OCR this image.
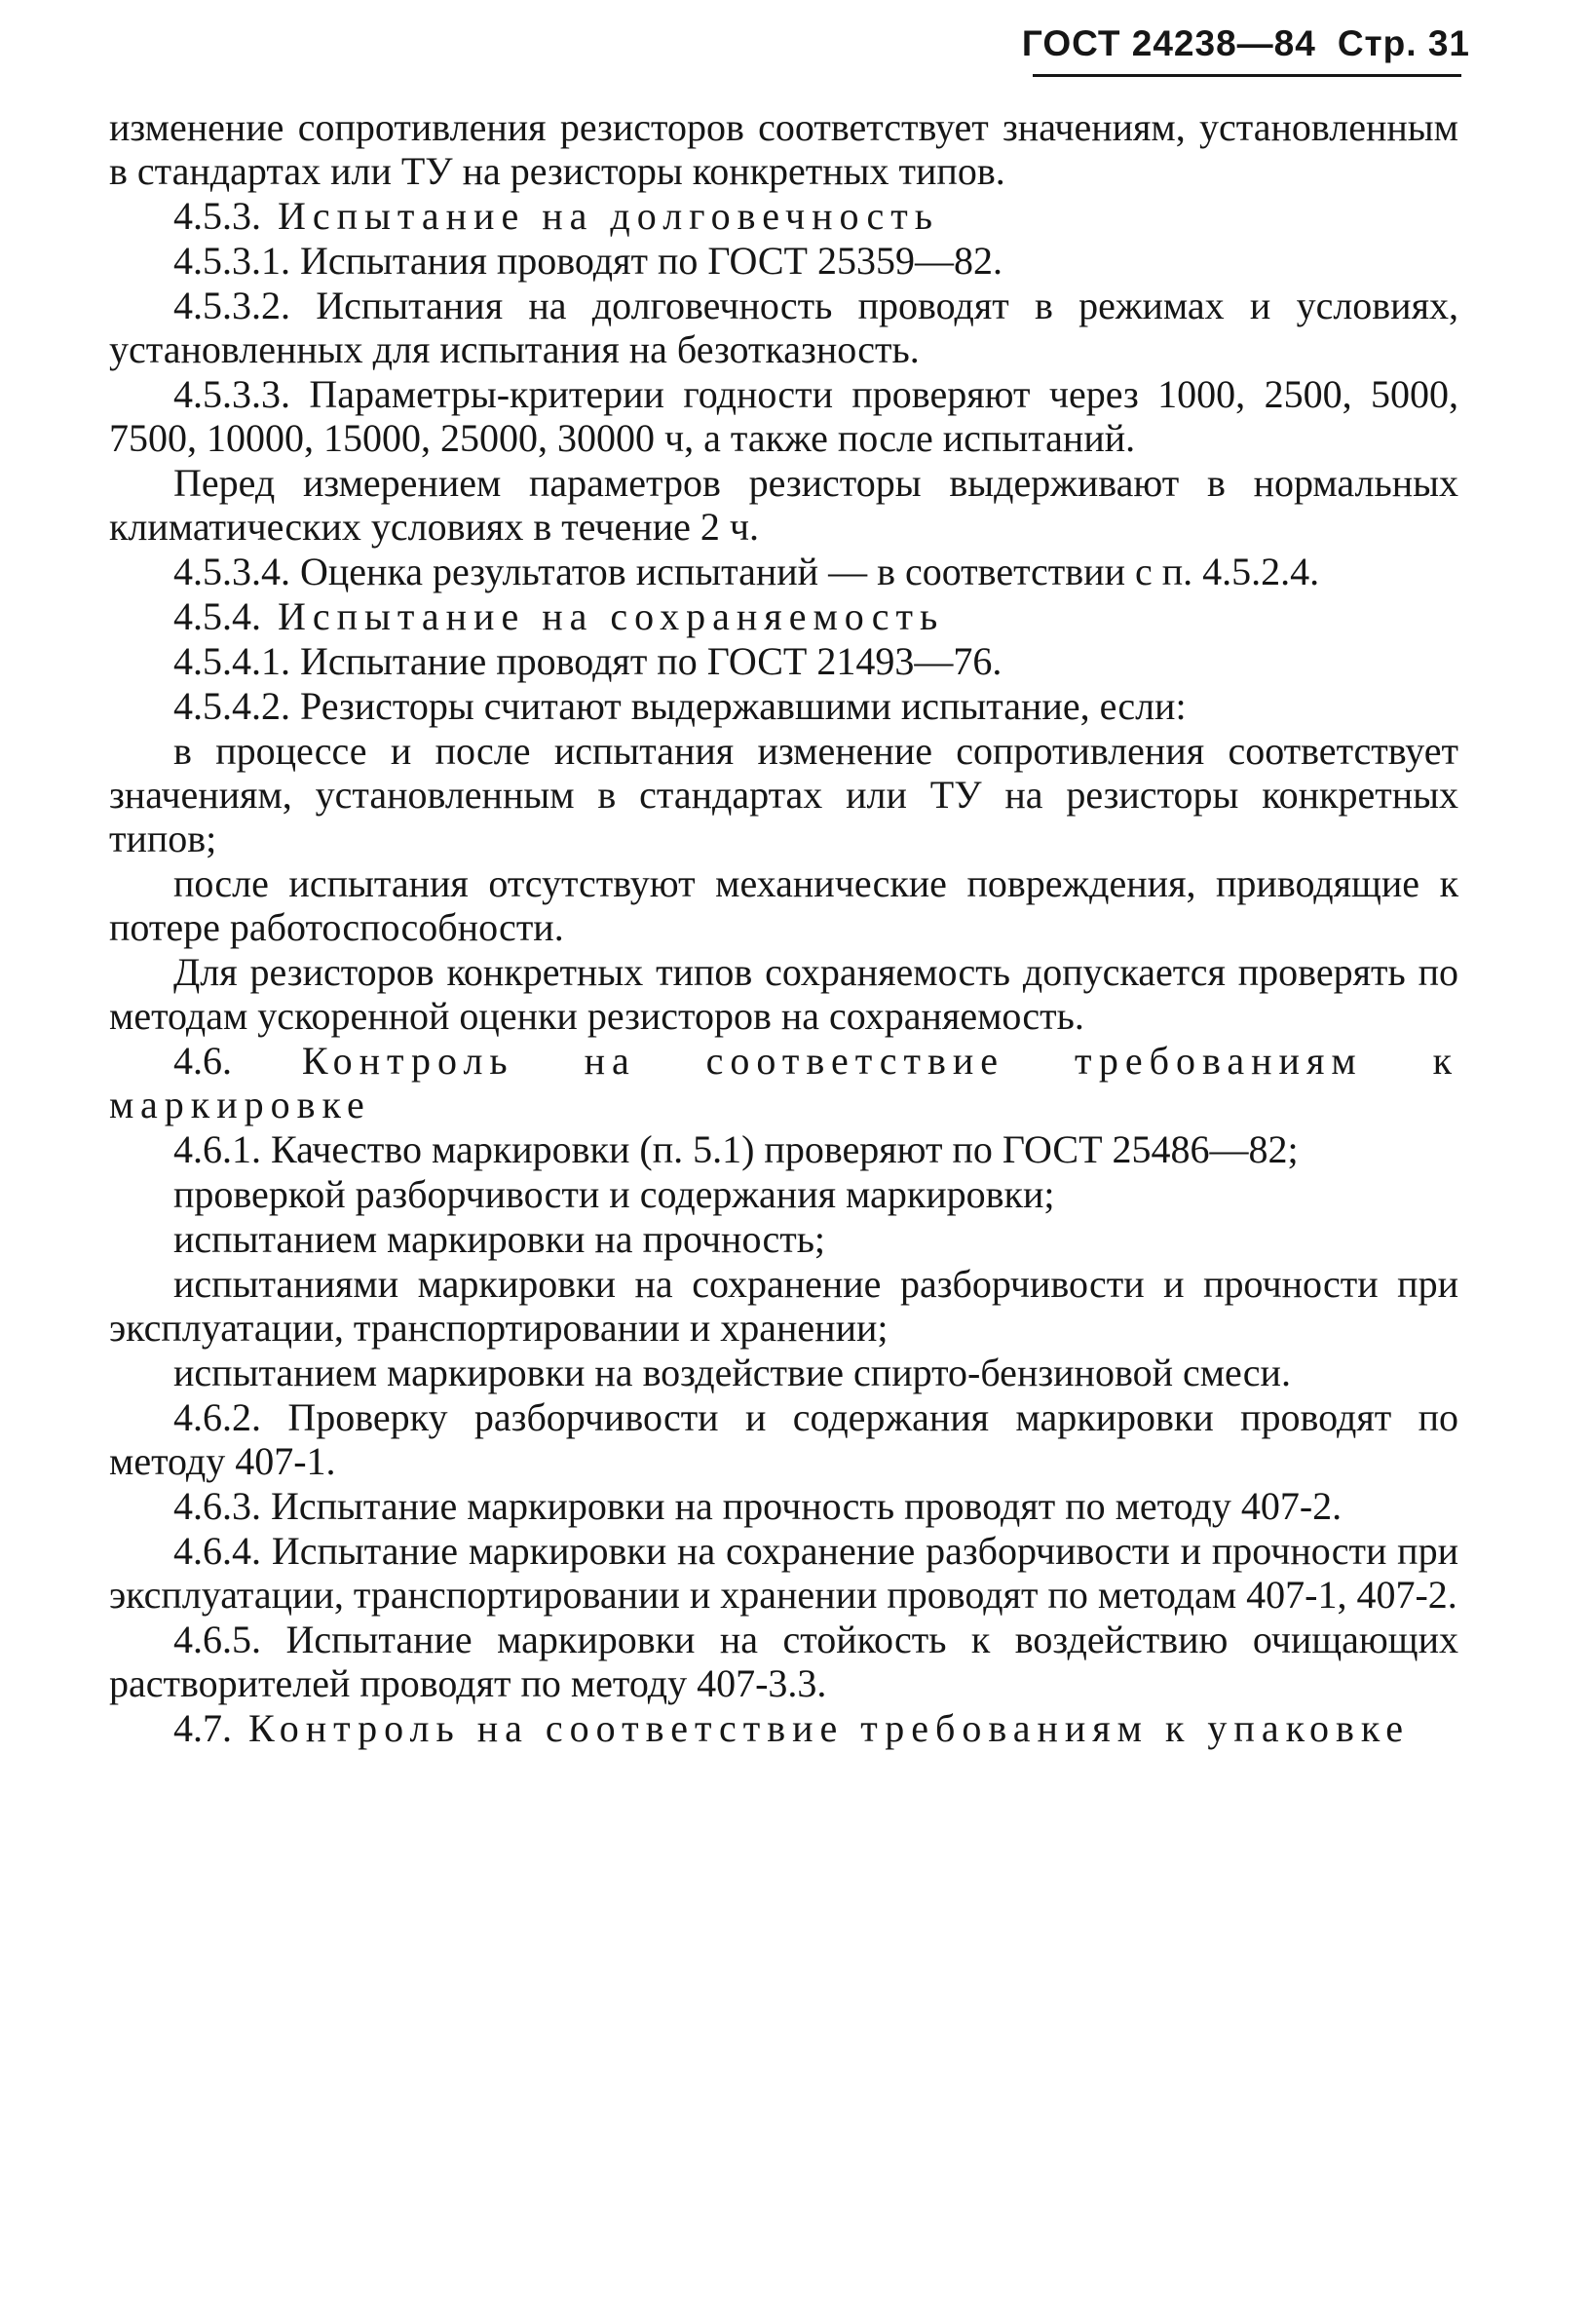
ГОСТ 24238—84 Стр. 31

изменение сопротивления резисторов соответствует значениям, установленным в стандартах или ТУ на резисторы конкретных типов.

4.5.3. Испытание на долговечность

4.5.3.1. Испытания проводят по ГОСТ 25359—82.

4.5.3.2. Испытания на долговечность проводят в режимах и условиях, установленных для испытания на безотказность.

4.5.3.3. Параметры-критерии годности проверяют через 1000, 2500, 5000, 7500, 10000, 15000, 25000, 30000 ч, а также после испытаний.

Перед измерением параметров резисторы выдерживают в нормальных климатических условиях в течение 2 ч.

4.5.3.4. Оценка результатов испытаний — в соответствии с п. 4.5.2.4.

4.5.4. Испытание на сохраняемость

4.5.4.1. Испытание проводят по ГОСТ 21493—76.

4.5.4.2. Резисторы считают выдержавшими испытание, если:

в процессе и после испытания изменение сопротивления соответствует значениям, установленным в стандартах или ТУ на резисторы конкретных типов;

после испытания отсутствуют механические повреждения, приводящие к потере работоспособности.

Для резисторов конкретных типов сохраняемость допускается проверять по методам ускоренной оценки резисторов на сохраняемость.

4.6. Контроль на соответствие требованиям к маркировке

4.6.1. Качество маркировки (п. 5.1) проверяют по ГОСТ 25486—82;

проверкой разборчивости и содержания маркировки;

испытанием маркировки на прочность;

испытаниями маркировки на сохранение разборчивости и прочности при эксплуатации, транспортировании и хранении;

испытанием маркировки на воздействие спирто-бензиновой смеси.

4.6.2. Проверку разборчивости и содержания маркировки проводят по методу 407-1.

4.6.3. Испытание маркировки на прочность проводят по методу 407-2.

4.6.4. Испытание маркировки на сохранение разборчивости и прочности при эксплуатации, транспортировании и хранении проводят по методам 407-1, 407-2.

4.6.5. Испытание маркировки на стойкость к воздействию очищающих растворителей проводят по методу 407-3.3.

4.7. Контроль на соответствие требованиям к упаковке
